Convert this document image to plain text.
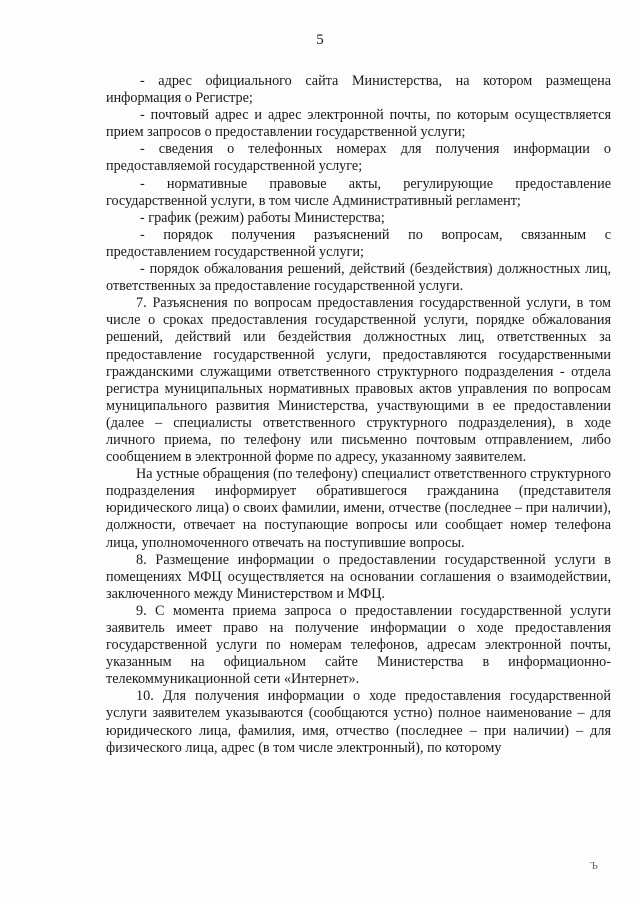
5

- адрес официального сайта Министерства, на котором размещена информация о Регистре;

- почтовый адрес и адрес электронной почты, по которым осуществляется прием запросов о предоставлении государственной услуги;

- сведения о телефонных номерах для получения информации о предоставляемой государственной услуге;

- нормативные правовые акты, регулирующие предоставление государственной услуги, в том числе Административный регламент;

- график (режим) работы Министерства;

- порядок получения разъяснений по вопросам, связанным с предоставлением государственной услуги;

- порядок обжалования решений, действий (бездействия) должностных лиц, ответственных за предоставление государственной услуги.

7. Разъяснения по вопросам предоставления государственной услуги, в том числе о сроках предоставления государственной услуги, порядке обжалования решений, действий или бездействия должностных лиц, ответственных за предоставление государственной услуги, предоставляются государственными гражданскими служащими ответственного структурного подразделения - отдела регистра муниципальных нормативных правовых актов управления по вопросам муниципального развития Министерства, участвующими в ее предоставлении (далее – специалисты ответственного структурного подразделения), в ходе личного приема, по телефону или письменно почтовым отправлением, либо сообщением в электронной форме по адресу, указанному заявителем.

На устные обращения (по телефону) специалист ответственного структурного подразделения информирует обратившегося гражданина (представителя юридического лица) о своих фамилии, имени, отчестве (последнее – при наличии), должности, отвечает на поступающие вопросы или сообщает номер телефона лица, уполномоченного отвечать на поступившие вопросы.

8. Размещение информации о предоставлении государственной услуги в помещениях МФЦ осуществляется на основании соглашения о взаимодействии, заключенного между Министерством и МФЦ.

9. С момента приема запроса о предоставлении государственной услуги заявитель имеет право на получение информации о ходе предоставления государственной услуги по номерам телефонов, адресам электронной почты, указанным на официальном сайте Министерства в информационно-телекоммуникационной сети «Интернет».

10. Для получения информации о ходе предоставления государственной услуги заявителем указываются (сообщаются устно) полное наименование – для юридического лица, фамилия, имя, отчество (последнее – при наличии) – для физического лица, адрес (в том числе электронный), по которому

Ъ
